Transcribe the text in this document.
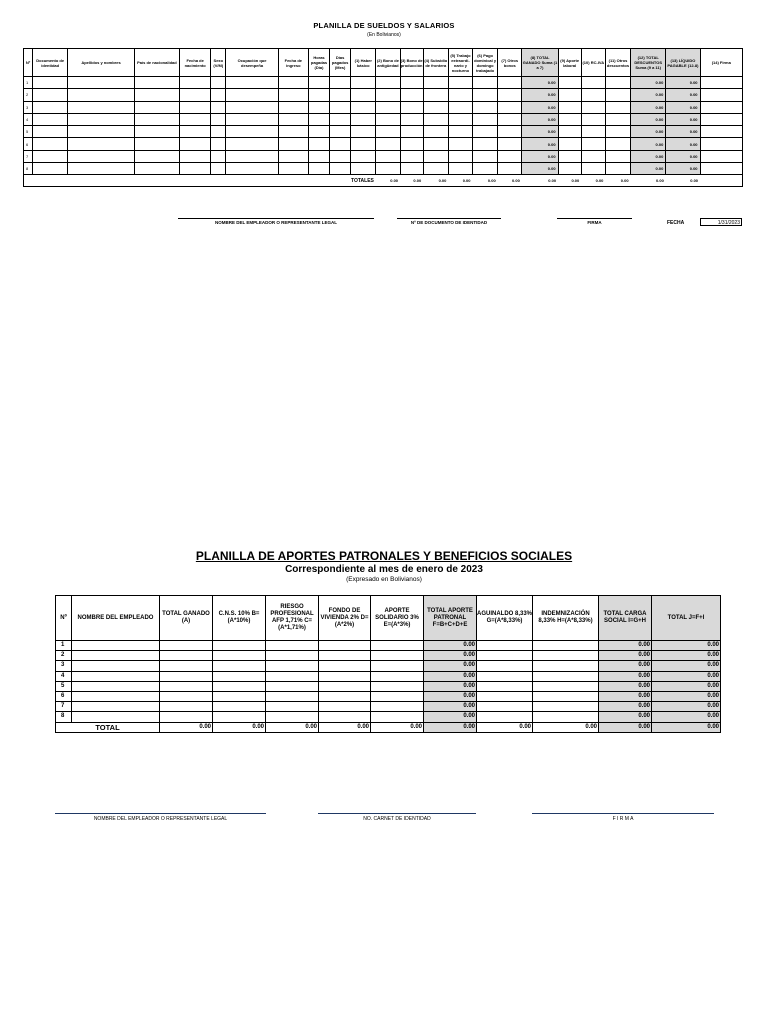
PLANILLA DE SUELDOS Y SALARIOS
(En Bolivianos)
Nº	Documento de identidad	Apellidos y nombres	País de nacionalidad	Fecha de nacimiento	Sexo (V/M)	Ocupación que desempeña	Fecha de ingreso	Horas pagadas (Día)	Días pagados (Mes)	(1) Haber básico	(2) Bono de antigüedad	(3) Bono de producción	(4) Subsidio de frontera	(5) Trabajo extraordi-nario y nocturno	(6) Pago dominical y domingo trabajado	(7) Otros bonos	(8) TOTAL GANADO Suma (1 a 7)	(9) Aporte laboral	(10) RC-IVA	(11) Otros descuentos	(12) TOTAL DESCUENTOS Suma (9 a 11)	(13) LÍQUIDO PAGABLE (12-8)	(14) Firma
1																	0.00				0.00	0.00	
2																	0.00				0.00	0.00	
3																	0.00				0.00	0.00	
4																	0.00				0.00	0.00	
5																	0.00				0.00	0.00	
6																	0.00				0.00	0.00	
7																	0.00				0.00	0.00	
8																	0.00				0.00	0.00	
									TOTALES		0.00	0.00	0.00	0.00	0.00	0.00	0.00	0.00	0.00	0.00	0.00	0.00	
NOMBRE DEL EMPLEADOR O REPRESENTANTE LEGAL	Nº DE DOCUMENTO DE IDENTIDAD	FIRMA	FECHA	1/31/2023
PLANILLA DE APORTES PATRONALES Y BENEFICIOS SOCIALES
Correspondiente al mes de enero de 2023
(Expresado en Bolivianos)
Nº	NOMBRE DEL EMPLEADO	TOTAL GANADO (A)	C.N.S. 10% B=(A*10%)	RIESGO PROFESIONAL AFP 1,71% C=(A*1,71%)	FONDO DE VIVIENDA 2% D=(A*2%)	APORTE SOLIDARIO 3% E=(A*3%)	TOTAL APORTE PATRONAL F=B+C+D+E	AGUINALDO 8,33% G=(A*8,33%)	INDEMNIZACIÓN 8,33% H=(A*8,33%)	TOTAL CARGA SOCIAL I=G+H	TOTAL J=F+I
1							0.00			0.00	0.00
2							0.00			0.00	0.00
3							0.00			0.00	0.00
4							0.00			0.00	0.00
5							0.00			0.00	0.00
6							0.00			0.00	0.00
7							0.00			0.00	0.00
8							0.00			0.00	0.00
TOTAL		0.00	0.00	0.00	0.00	0.00	0.00	0.00	0.00	0.00	0.00
NOMBRE DEL EMPLEADOR O REPRESENTANTE LEGAL	NO. CARNET DE IDENTIDAD	F I R M A
